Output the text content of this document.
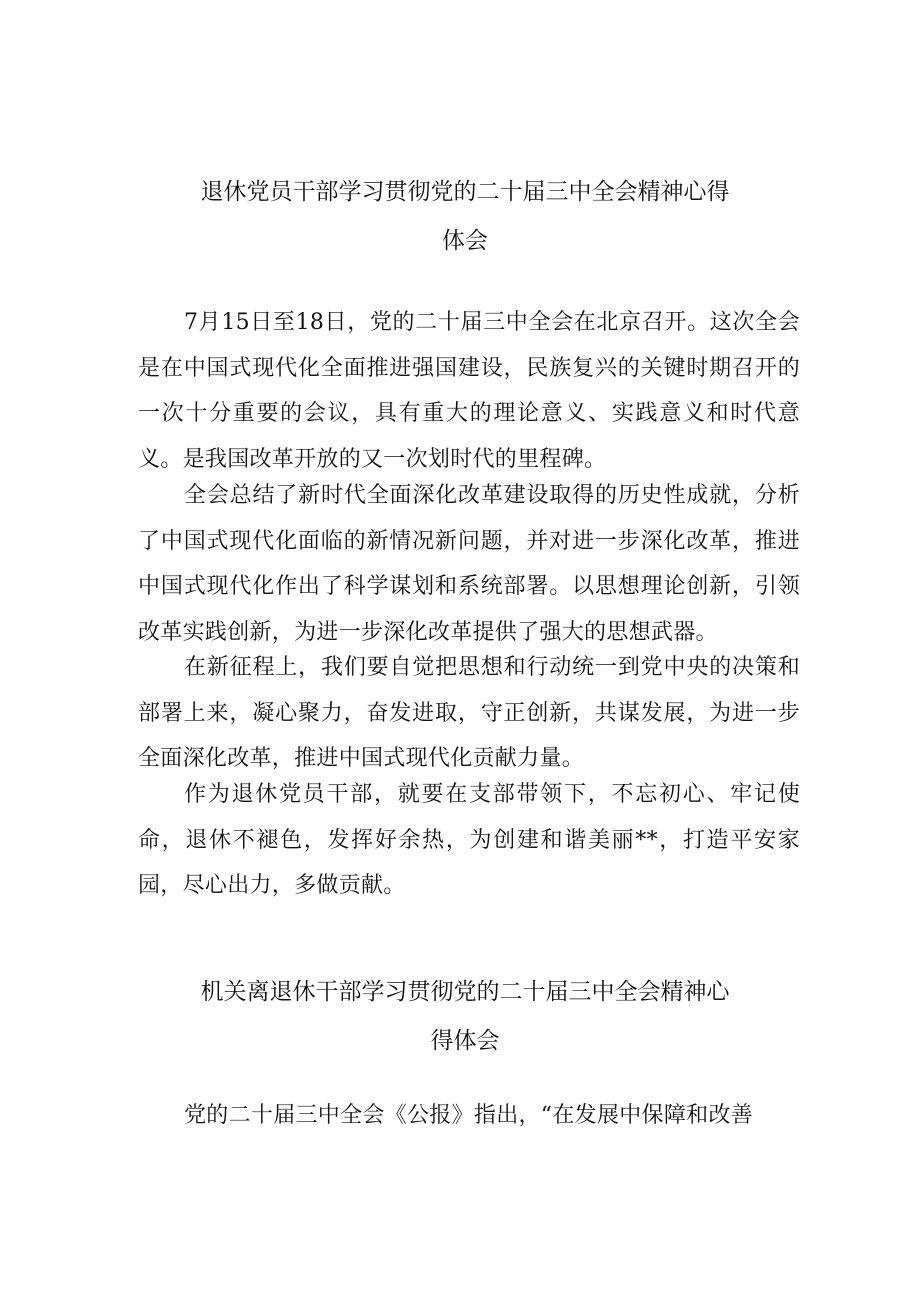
退休党员干部学习贯彻党的二十届三中全会精神心得
体会

7月15日至18日，党的二十届三中全会在北京召开。这次全会是在中国式现代化全面推进强国建设，民族复兴的关键时期召开的一次十分重要的会议，具有重大的理论意义、实践意义和时代意义。是我国改革开放的又一次划时代的里程碑。

全会总结了新时代全面深化改革建设取得的历史性成就，分析了中国式现代化面临的新情况新问题，并对进一步深化改革，推进中国式现代化作出了科学谋划和系统部署。以思想理论创新，引领改革实践创新，为进一步深化改革提供了强大的思想武器。

在新征程上，我们要自觉把思想和行动统一到党中央的决策和部署上来，凝心聚力，奋发进取，守正创新，共谋发展，为进一步全面深化改革，推进中国式现代化贡献力量。

作为退休党员干部，就要在支部带领下，不忘初心、牢记使命，退休不褪色，发挥好余热，为创建和谐美丽**，打造平安家园，尽心出力，多做贡献。

机关离退休干部学习贯彻党的二十届三中全会精神心
得体会

党的二十届三中全会《公报》指出，“在发展中保障和改善
